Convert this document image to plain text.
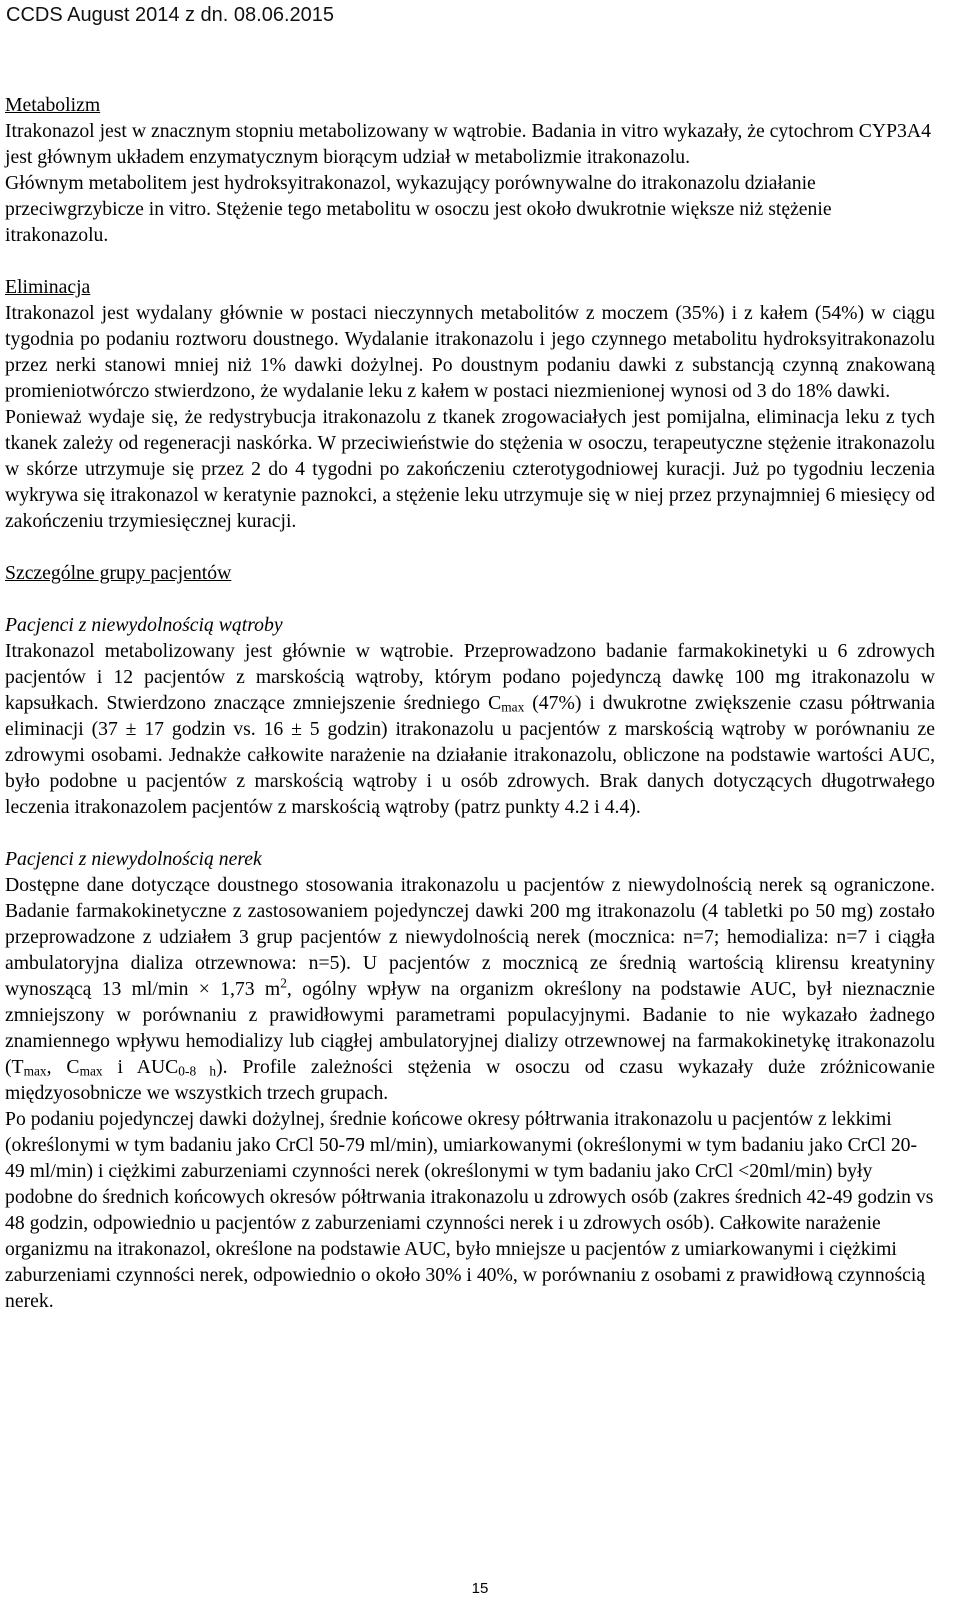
CCDS August 2014 z dn. 08.06.2015

Metabolizm

Itrakonazol jest w znacznym stopniu metabolizowany w wątrobie. Badania in vitro wykazały, że cytochrom CYP3A4 jest głównym układem enzymatycznym biorącym udział w metabolizmie itrakonazolu.

Głównym metabolitem jest hydroksyitrakonazol, wykazujący porównywalne do itrakonazolu działanie przeciwgrzybicze in vitro. Stężenie tego metabolitu w osoczu jest około dwukrotnie większe niż stężenie itrakonazolu.

Eliminacja

Itrakonazol jest wydalany głównie w postaci nieczynnych metabolitów z moczem (35%) i z kałem (54%) w ciągu tygodnia po podaniu roztworu doustnego. Wydalanie itrakonazolu i jego czynnego metabolitu hydroksyitrakonazolu przez nerki stanowi mniej niż 1% dawki dożylnej. Po doustnym podaniu dawki z substancją czynną znakowaną promieniotwórczo stwierdzono, że wydalanie leku z kałem w postaci niezmienionej wynosi od 3 do 18% dawki.

Ponieważ wydaje się, że redystrybucja itrakonazolu z tkanek zrogowaciałych jest pomijalna, eliminacja leku z tych tkanek zależy od regeneracji naskórka. W przeciwieństwie do stężenia w osoczu, terapeutyczne stężenie itrakonazolu w skórze utrzymuje się przez 2 do 4 tygodni po zakończeniu czterotygodniowej kuracji. Już po tygodniu leczenia wykrywa się itrakonazol w keratynie paznokci, a stężenie leku utrzymuje się w niej przez przynajmniej 6 miesięcy od zakończeniu trzymiesięcznej kuracji.

Szczególne grupy pacjentów

Pacjenci z niewydolnością wątroby

Itrakonazol metabolizowany jest głównie w wątrobie. Przeprowadzono badanie farmakokinetyki u 6 zdrowych pacjentów i 12 pacjentów z marskością wątroby, którym podano pojedynczą dawkę 100 mg itrakonazolu w kapsułkach. Stwierdzono znaczące zmniejszenie średniego $C_{max}$ (47%) i dwukrotne zwiększenie czasu półtrwania eliminacji (37 ± 17 godzin vs. 16 ± 5 godzin) itrakonazolu u pacjentów z marskością wątroby w porównaniu ze zdrowymi osobami. Jednakże całkowite narażenie na działanie itrakonazolu, obliczone na podstawie wartości AUC, było podobne u pacjentów z marskością wątroby i u osób zdrowych. Brak danych dotyczących długotrwałego leczenia itrakonazolem pacjentów z marskością wątroby (patrz punkty 4.2 i 4.4).

Pacjenci z niewydolnością nerek

Dostępne dane dotyczące doustnego stosowania itrakonazolu u pacjentów z niewydolnością nerek są ograniczone. Badanie farmakokinetyczne z zastosowaniem pojedynczej dawki 200 mg itrakonazolu (4 tabletki po 50 mg) zostało przeprowadzone z udziałem 3 grup pacjentów z niewydolnością nerek (mocznica: n=7; hemodializa: n=7 i ciągła ambulatoryjna dializa otrzewnowa: n=5). U pacjentów z mocznicą ze średnią wartością klirensu kreatyniny wynoszącą 13 ml/min × 1,73 $m^2$, ogólny wpływ na organizm określony na podstawie AUC, był nieznacznie zmniejszony w porównaniu z prawidłowymi parametrami populacyjnymi. Badanie to nie wykazało żadnego znamiennego wpływu hemodializy lub ciągłej ambulatoryjnej dializy otrzewnowej na farmakokinetykę itrakonazolu ($T_{max}$, $C_{max}$ i $AUC_{0-8 h}$). Profile zależności stężenia w osoczu od czasu wykazały duże zróżnicowanie międzyosobnicze we wszystkich trzech grupach.

Po podaniu pojedynczej dawki dożylnej, średnie końcowe okresy półtrwania itrakonazolu u pacjentów z lekkimi (określonymi w tym badaniu jako CrCl 50-79 ml/min), umiarkowanymi (określonymi w tym badaniu jako CrCl 20-49 ml/min) i ciężkimi zaburzeniami czynności nerek (określonymi w tym badaniu jako CrCl <20ml/min) były podobne do średnich końcowych okresów półtrwania itrakonazolu u zdrowych osób (zakres średnich 42-49 godzin vs 48 godzin, odpowiednio u pacjentów z zaburzeniami czynności nerek i u zdrowych osób). Całkowite narażenie organizmu na itrakonazol, określone na podstawie AUC, było mniejsze u pacjentów z umiarkowanymi i ciężkimi zaburzeniami czynności nerek, odpowiednio o około 30% i 40%, w porównaniu z osobami z prawidłową czynnością nerek.

15
